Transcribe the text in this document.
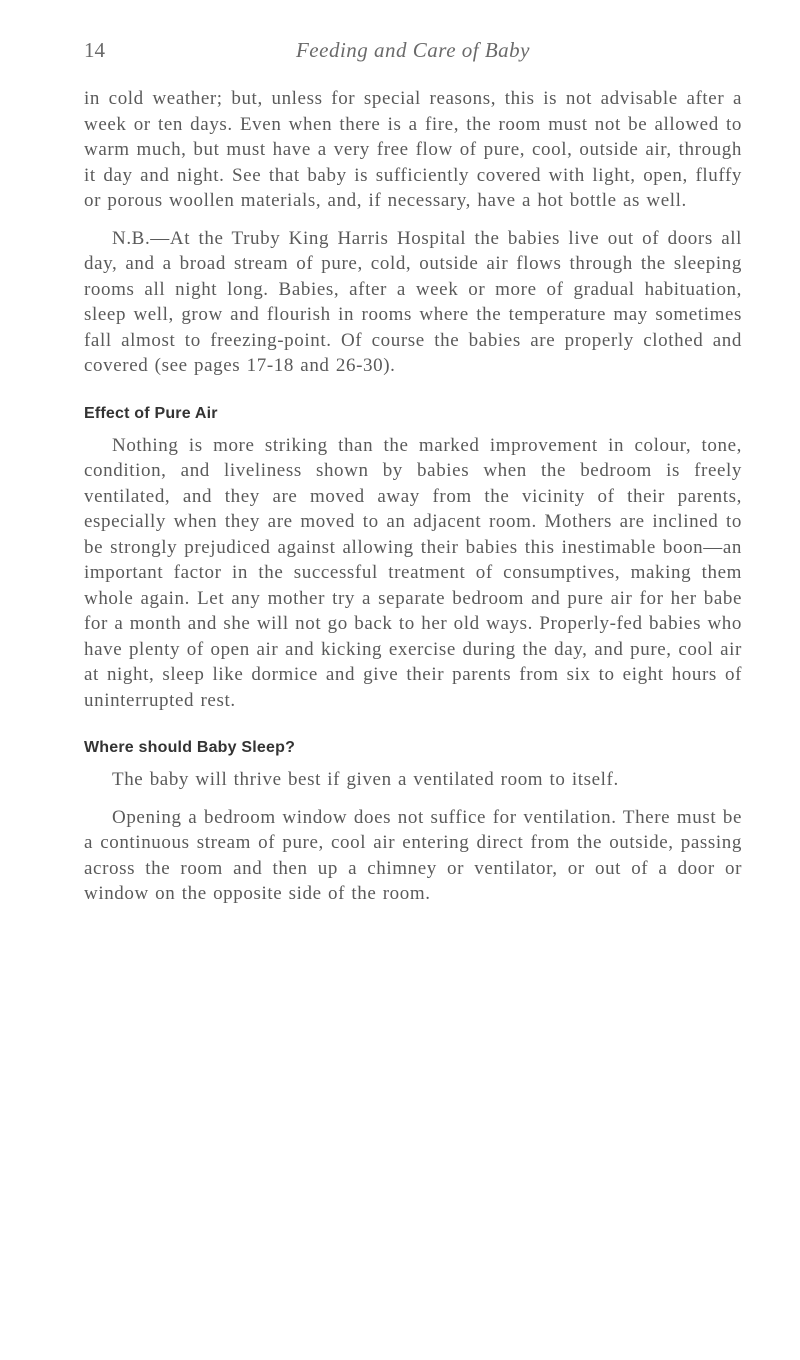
14	Feeding and Care of Baby

in cold weather; but, unless for special reasons, this is not advisable after a week or ten days. Even when there is a fire, the room must not be allowed to warm much, but must have a very free flow of pure, cool, outside air, through it day and night. See that baby is sufficiently covered with light, open, fluffy or porous woollen materials, and, if necessary, have a hot bottle as well.

N.B.—At the Truby King Harris Hospital the babies live out of doors all day, and a broad stream of pure, cold, outside air flows through the sleeping rooms all night long. Babies, after a week or more of gradual habituation, sleep well, grow and flourish in rooms where the temperature may sometimes fall almost to freezing-point. Of course the babies are properly clothed and covered (see pages 17-18 and 26-30).

Effect of Pure Air

Nothing is more striking than the marked improvement in colour, tone, condition, and liveliness shown by babies when the bedroom is freely ventilated, and they are moved away from the vicinity of their parents, especially when they are moved to an adjacent room. Mothers are inclined to be strongly prejudiced against allowing their babies this inestimable boon—an important factor in the successful treatment of consumptives, making them whole again. Let any mother try a separate bedroom and pure air for her babe for a month and she will not go back to her old ways. Properly-fed babies who have plenty of open air and kicking exercise during the day, and pure, cool air at night, sleep like dormice and give their parents from six to eight hours of uninterrupted rest.

Where should Baby Sleep?

The baby will thrive best if given a ventilated room to itself.

Opening a bedroom window does not suffice for ventilation. There must be a continuous stream of pure, cool air entering direct from the outside, passing across the room and then up a chimney or ventilator, or out of a door or window on the opposite side of the room.
